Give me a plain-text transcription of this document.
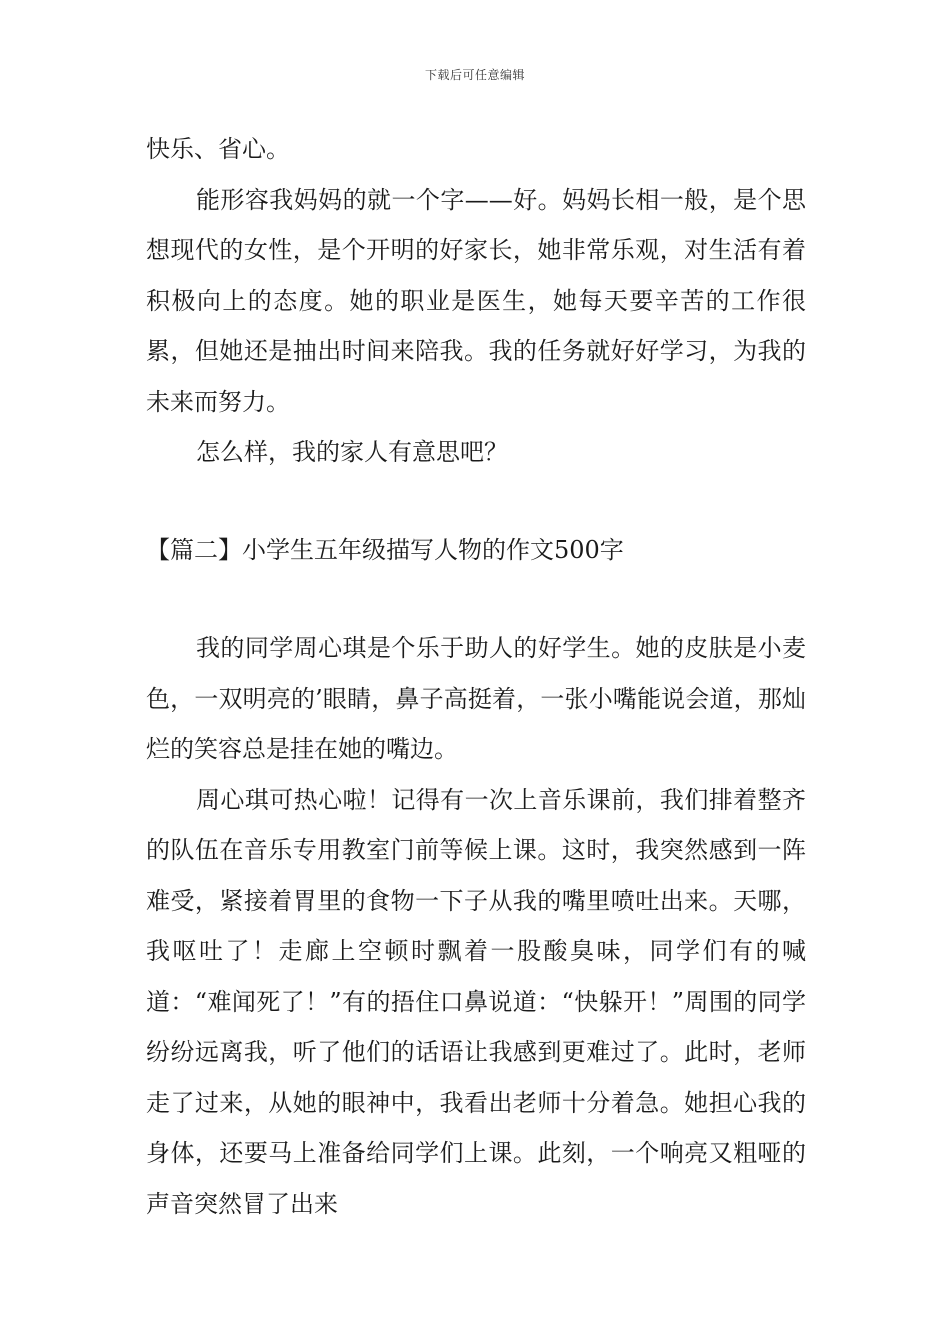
下载后可任意编辑

快乐、省心。

能形容我妈妈的就一个字——好。妈妈长相一般，是个思想现代的女性，是个开明的好家长，她非常乐观，对生活有着积极向上的态度。她的职业是医生，她每天要辛苦的工作很累，但她还是抽出时间来陪我。我的任务就好好学习，为我的未来而努力。

怎么样，我的家人有意思吧？

【篇二】小学生五年级描写人物的作文500字

我的同学周心琪是个乐于助人的好学生。她的皮肤是小麦色，一双明亮的’眼睛，鼻子高挺着，一张小嘴能说会道，那灿烂的笑容总是挂在她的嘴边。

周心琪可热心啦！记得有一次上音乐课前，我们排着整齐的队伍在音乐专用教室门前等候上课。这时，我突然感到一阵难受，紧接着胃里的食物一下子从我的嘴里喷吐出来。天哪，我呕吐了！走廊上空顿时飘着一股酸臭味，同学们有的喊道：“难闻死了！”有的捂住口鼻说道：“快躲开！”周围的同学纷纷远离我，听了他们的话语让我感到更难过了。此时，老师走了过来，从她的眼神中，我看出老师十分着急。她担心我的身体，还要马上准备给同学们上课。此刻，一个响亮又粗哑的声音突然冒了出来
